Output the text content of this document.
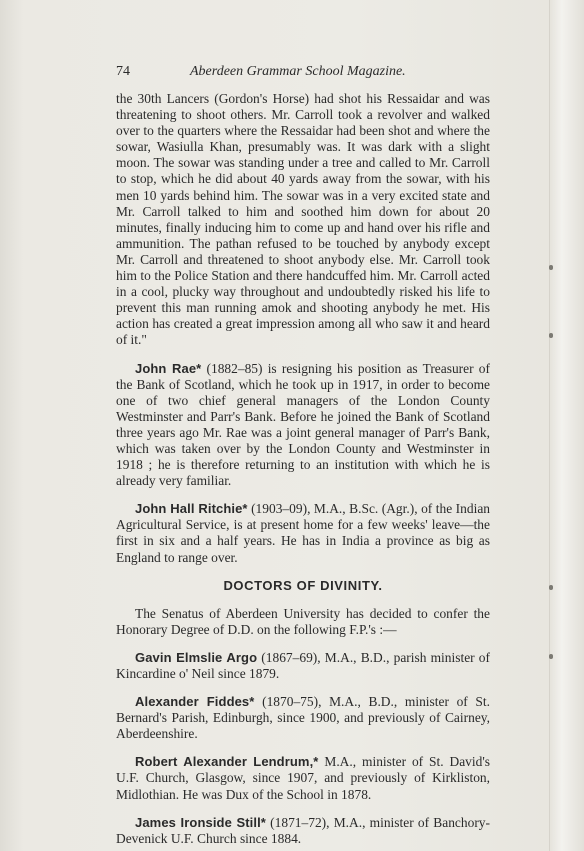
74	Aberdeen Grammar School Magazine.

the 30th Lancers (Gordon's Horse) had shot his Ressaidar and was threatening to shoot others. Mr. Carroll took a revolver and walked over to the quarters where the Ressaidar had been shot and where the sowar, Wasiulla Khan, presumably was. It was dark with a slight moon. The sowar was standing under a tree and called to Mr. Carroll to stop, which he did about 40 yards away from the sowar, with his men 10 yards behind him. The sowar was in a very excited state and Mr. Carroll talked to him and soothed him down for about 20 minutes, finally inducing him to come up and hand over his rifle and ammunition. The pathan refused to be touched by anybody except Mr. Carroll and threatened to shoot anybody else. Mr. Carroll took him to the Police Station and there handcuffed him. Mr. Carroll acted in a cool, plucky way throughout and undoubtedly risked his life to prevent this man running amok and shooting anybody he met. His action has created a great impression among all who saw it and heard of it."

John Rae* (1882–85) is resigning his position as Treasurer of the Bank of Scotland, which he took up in 1917, in order to become one of two chief general managers of the London County Westminster and Parr's Bank. Before he joined the Bank of Scotland three years ago Mr. Rae was a joint general manager of Parr's Bank, which was taken over by the London County and Westminster in 1918 ; he is therefore returning to an institution with which he is already very familiar.

John Hall Ritchie* (1903–09), M.A., B.Sc. (Agr.), of the Indian Agricultural Service, is at present home for a few weeks' leave—the first in six and a half years. He has in India a province as big as England to range over.

DOCTORS OF DIVINITY.

The Senatus of Aberdeen University has decided to confer the Honorary Degree of D.D. on the following F.P.'s :—

Gavin Elmslie Argo (1867–69), M.A., B.D., parish minister of Kincardine o' Neil since 1879.

Alexander Fiddes* (1870–75), M.A., B.D., minister of St. Bernard's Parish, Edinburgh, since 1900, and previously of Cairney, Aberdeenshire.

Robert Alexander Lendrum,* M.A., minister of St. David's U.F. Church, Glasgow, since 1907, and previously of Kirkliston, Midlothian. He was Dux of the School in 1878.

James Ironside Still* (1871–72), M.A., minister of Banchory-Devenick U.F. Church since 1884.
